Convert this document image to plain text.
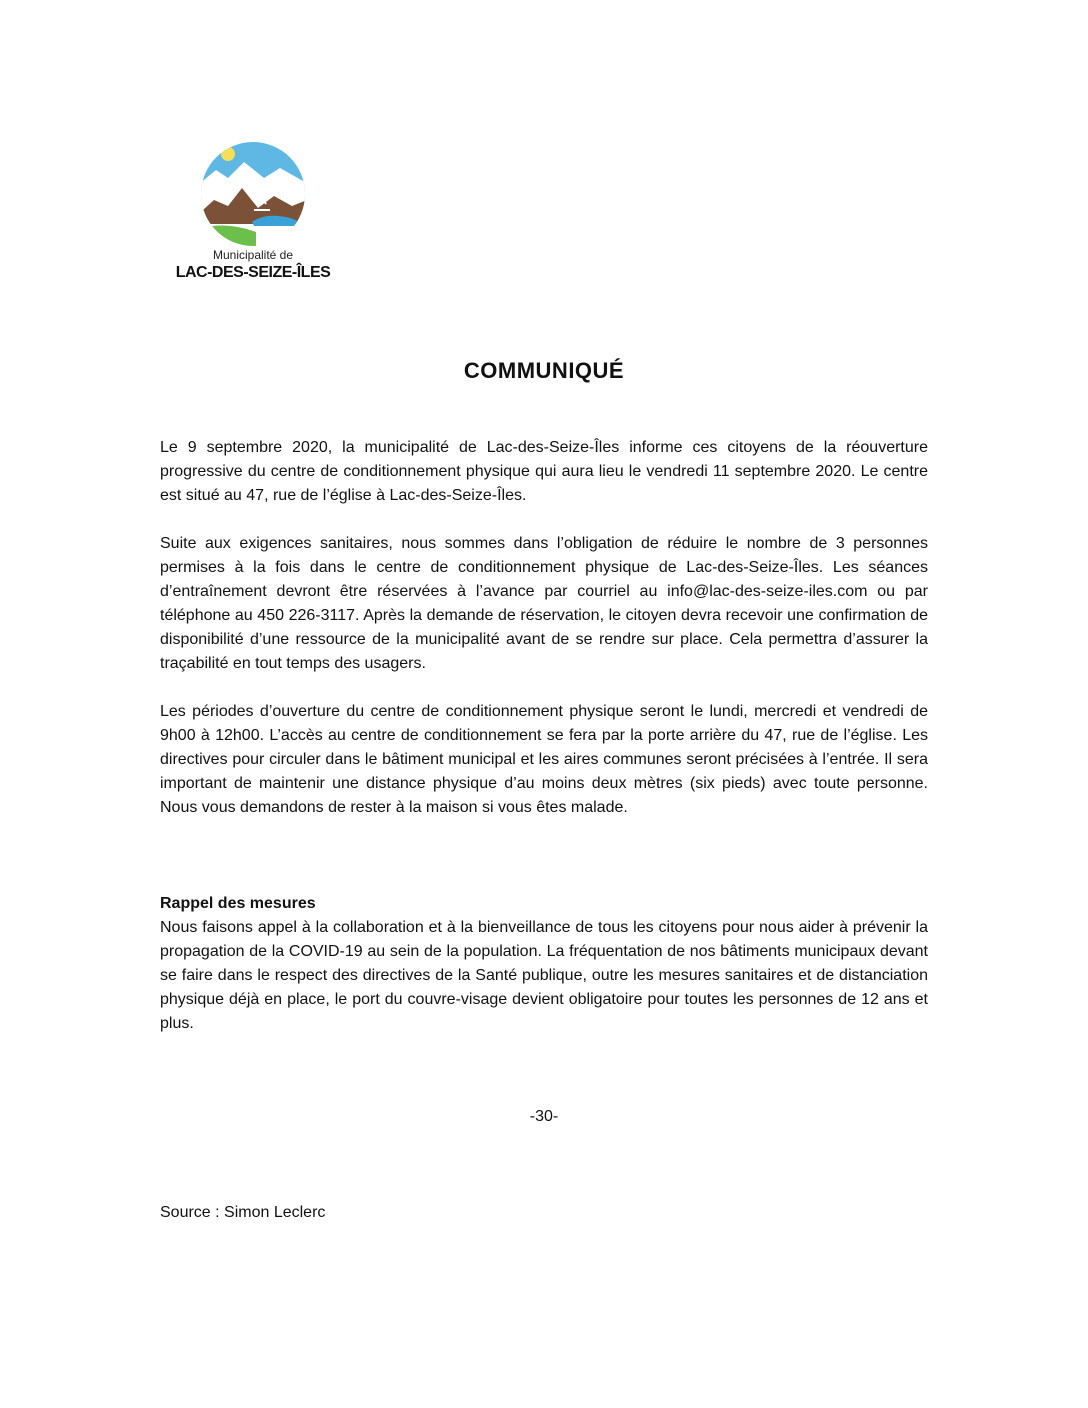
Municipalité de
LAC-DES-SEIZE-ÎLES
COMMUNIQUÉ
Le 9 septembre 2020, la municipalité de Lac-des-Seize-Îles informe ces citoyens de la réouverture progressive du centre de conditionnement physique qui aura lieu le vendredi 11 septembre 2020. Le centre est situé au 47, rue de l’église à Lac-des-Seize-Îles.
Suite aux exigences sanitaires, nous sommes dans l’obligation de réduire le nombre de 3 personnes permises à la fois dans le centre de conditionnement physique de Lac-des-Seize-Îles. Les séances d’entraînement devront être réservées à l’avance par courriel au info@lac-des-seize-iles.com ou par téléphone au 450 226-3117. Après la demande de réservation, le citoyen devra recevoir une confirmation de disponibilité d’une ressource de la municipalité avant de se rendre sur place. Cela permettra d’assurer la traçabilité en tout temps des usagers.
Les périodes d’ouverture du centre de conditionnement physique seront le lundi, mercredi et vendredi de 9h00 à 12h00. L’accès au centre de conditionnement se fera par la porte arrière du 47, rue de l’église. Les directives pour circuler dans le bâtiment municipal et les aires communes seront précisées à l’entrée. Il sera important de maintenir une distance physique d’au moins deux mètres (six pieds) avec toute personne. Nous vous demandons de rester à la maison si vous êtes malade.
Rappel des mesures
Nous faisons appel à la collaboration et à la bienveillance de tous les citoyens pour nous aider à prévenir la propagation de la COVID-19 au sein de la population. La fréquentation de nos bâtiments municipaux devant se faire dans le respect des directives de la Santé publique, outre les mesures sanitaires et de distanciation physique déjà en place, le port du couvre-visage devient obligatoire pour toutes les personnes de 12 ans et plus.
-30-
Source : Simon Leclerc
